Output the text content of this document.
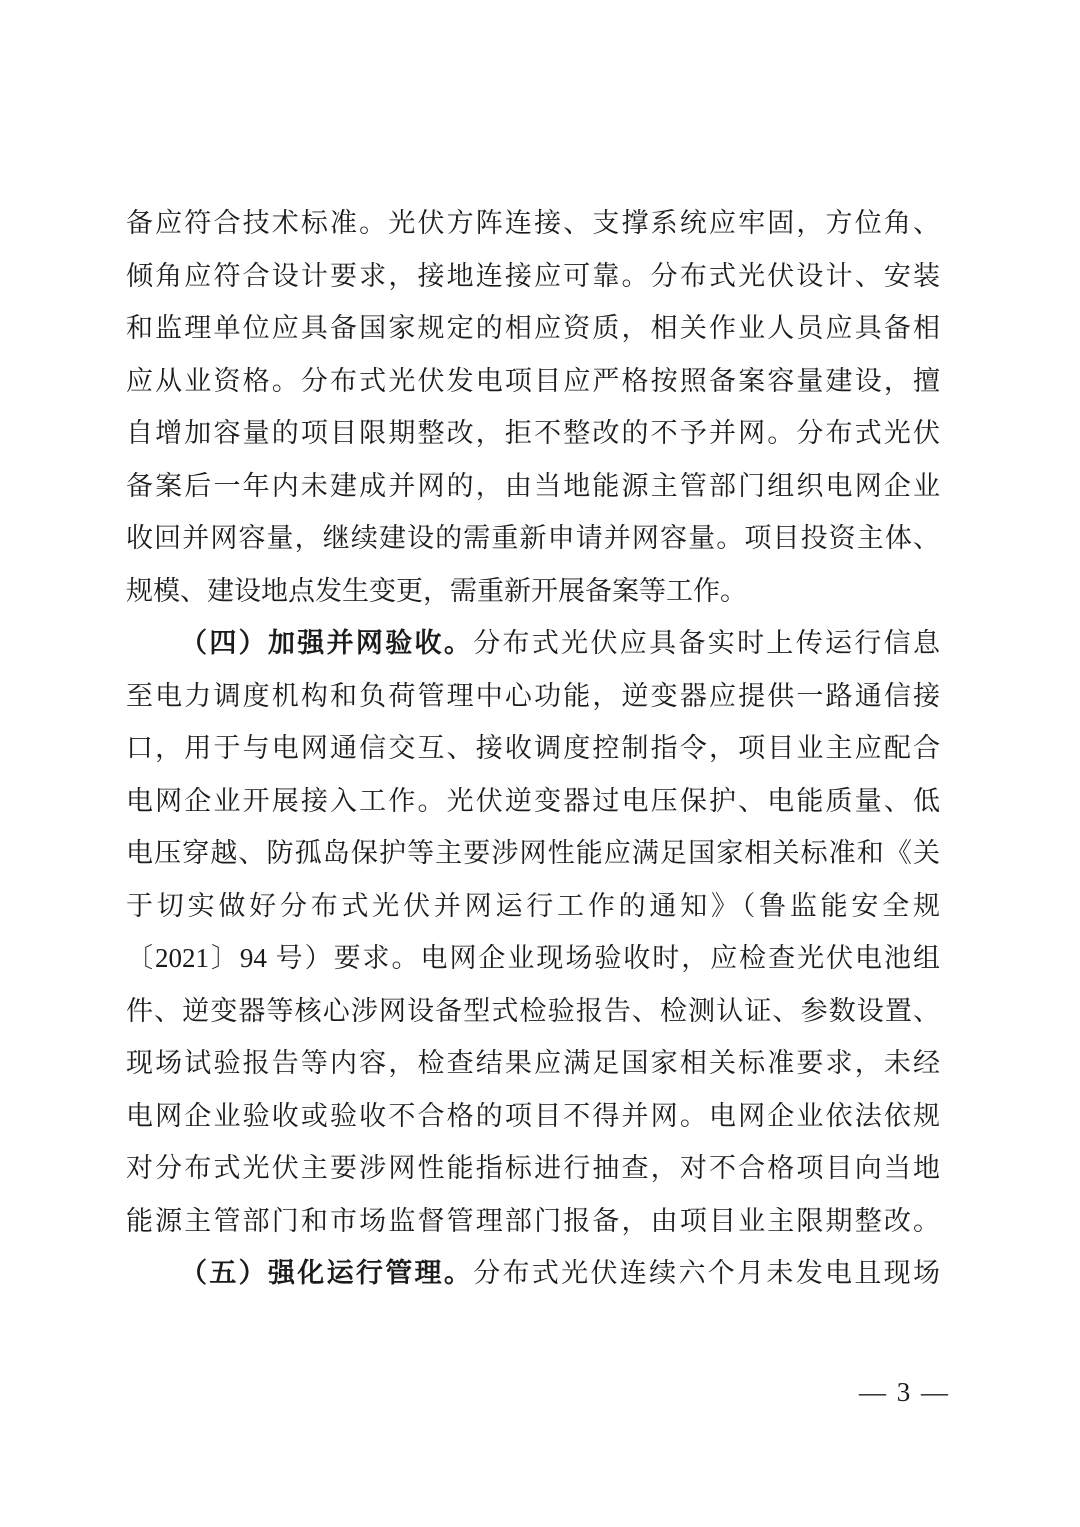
备应符合技术标准。光伏方阵连接、支撑系统应牢固，方位角、
倾角应符合设计要求，接地连接应可靠。分布式光伏设计、安装
和监理单位应具备国家规定的相应资质，相关作业人员应具备相
应从业资格。分布式光伏发电项目应严格按照备案容量建设，擅
自增加容量的项目限期整改，拒不整改的不予并网。分布式光伏
备案后一年内未建成并网的，由当地能源主管部门组织电网企业
收回并网容量，继续建设的需重新申请并网容量。项目投资主体、
规模、建设地点发生变更，需重新开展备案等工作。
（四）加强并网验收。分布式光伏应具备实时上传运行信息
至电力调度机构和负荷管理中心功能，逆变器应提供一路通信接
口，用于与电网通信交互、接收调度控制指令，项目业主应配合
电网企业开展接入工作。光伏逆变器过电压保护、电能质量、低
电压穿越、防孤岛保护等主要涉网性能应满足国家相关标准和《关
于切实做好分布式光伏并网运行工作的通知》（鲁监能安全规
〔2021〕94 号）要求。电网企业现场验收时，应检查光伏电池组
件、逆变器等核心涉网设备型式检验报告、检测认证、参数设置、
现场试验报告等内容，检查结果应满足国家相关标准要求，未经
电网企业验收或验收不合格的项目不得并网。电网企业依法依规
对分布式光伏主要涉网性能指标进行抽查，对不合格项目向当地
能源主管部门和市场监督管理部门报备，由项目业主限期整改。
（五）强化运行管理。分布式光伏连续六个月未发电且现场
— 3 —
